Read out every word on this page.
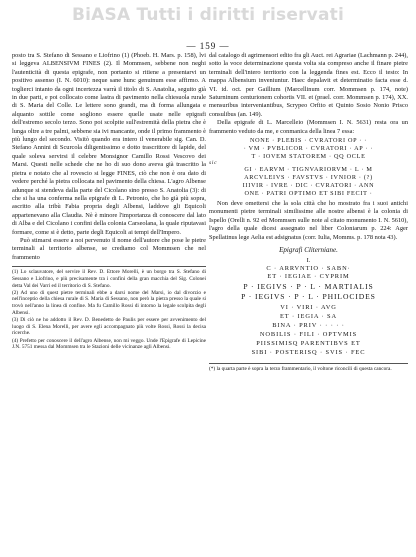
BiASA Tutti i diritti riservati
— 159 —

posto tra S. Stefano di Sessano e Liofrino (1) (Phoeb. H. Mars. p. 158), lvi si leggeva ALBENSIVM FINES (2). Il Mommsen, sebbene non neghi l'autenticità di questa epigrafe, non portanto si ritiene a presentarvi un positivo assenso (I. N. 6010): neque sane hunc genuinum esse affirmo. A toglierci intanto da ogni incertezza varrà il titolo di S. Anatolia, seguito già in due parti, e poi collocato come lastra di pavimento nella chiesuola rurale di S. Maria del Colle. Le lettere sono grandi, ma di forma allungata e alquanto sottile come sogliono essere quelle usate nelle epigrafi dell'estremo secolo terzo. Sono poi scolpite sull'estremità della pietra che è lunga oltre a tre palmi, sebbene sia ivi mancante, onde il primo frammento è più lungo del secondo. Visitò quando era intero il venerabile sig. Can. D. Stefano Annini di Scurcola diligentissimo e dotto trascrittore di lapide, del quale soleva servirsi il celebre Monsignor Camillo Rossi Vescovo dei Marsi. Questi nelle schede che ne ho di suo dono aveva già trascritto la pietra e notato che al rovescio si legge FINES, ciò che non è ora dato di vedere perché la pietra collocata nel pavimento della chiesa. L'agro Albense adunque si stendeva dalla parte del Cicolano sino presso S. Anatolia (3): di che si ha una conferma nella epigrafe di L. Petronio, che ho già più sopra, ascritto alla tribù Fabia propria degli Albensi, laddove gli Equicoli appartenevano alla Claudia. Nè è minore l'importanza di conoscere dal lato di Alba e del Cicolano i confini della colonia Carseolana, la quale riputavasi formare, come si è detto, parte degli Equicoli ai tempi dell'Impero.

Può stimarsi essere a noi pervenuto il nome dell'autore che pose le pietre terminali al territorio albense, se crediamo col Mommsen che nel frammento

(1) Lo sclauvatore, del servire il Rev. D. Ettore Morelli, è un borgo tra S. Stefano di Sessano e Liofrino, e più precisamente tra i confini della gran macchia del Sig. Colonei detta Val dei Varri ed il territorio di S. Stefano.

(2) Ad uno di quest pietre terminali ebbe a darsi nome del Marsi, io dal divorzio e nell'inceptio della chiesa rurale di S. Maria di Sessano, non però la pietra presso la quale si trovò nell'anno la linea di confine. Ma fu Camillo Rossi di intorno la legale scolpita degli Albensi.

(3) Di ciò ne ho addotto il Rev. D. Benedetto de Paulis per essere per avvenimento del luogo di S. Elena Morelli, per avere egli accompagnato più volte Rossi, Rossi la decisa ricerche.

(4) Prefetto per conoscere il dell'agro Albense, non mi veggo. Unde l'Epigrafe di Lepicine J.N. 5751 messa dal Mommsen tra le Stazioni delle vicinanze agli Albensi.

dal catalogo di agrimensori edito fra gli Auct. rei Agrariae (Lachmann p. 244), sotto la voce determinazione questa volta sia compreso anche il finare pietre terminali dell'intero territorio con la leggenda fines est. Ecco il testo: In mappa Albensium inveniuntur. Haec depalavit et determinatio facta esse d. VI. id. oct. per Gaillium (Marcellinum corr. Mommsen p. 174, note) Saturninum centurionem cohortis VII. et (prael. corr. Mommsen p. 174), XX. mensuribus interveniantibus, Scrypeo Orfito et Quinto Sosio Nonio Prisco consulibus (an. 149).

Della epigrafe di L. Marcelleio (Mommsen I. N. 5631) resta ora un frammento veduto da me, e conmanica della linea 7 essa:

NONE · PLEBIS · CVRATORI OP · ·
· VM · PVBLICOR · CVRATORI · AP · ·
T · IOVEM STATOREM · QQ OCLE
sic
GI · EARVM · TIGNVARIORVM · L · M
ARCVLEIVS · FAVSTVS · IVNIOR · (?)
IIIVIR · IVRE · DIC · CVRATORI · ANN
ONE · PATRI OPTIMO ET SIBI FECIT ·

Non deve omettersi che la sola città che ho mostrato fra i suoi antichi monumenti pietre terminali similissime alle nostre albensi è la colonia di Ispello (Orelli n. 92 ed Mommsen sulle note al citato monumento I. N. 5610), l'agro della quale dicesi assegnato nel liber Coloniarum p. 224: Ager Spellatinus lege Aelia est adsignatus (corr. Iulia, Momms. p. 178 nota 43).

Epigrafi Cliterniane.
I.
C · ARRVNTIO · SABN·
ET · IEGIAE · CYPRIM
P · IEGIVS · P · L · MARTIALIS
P · IEGIVS · P · L · PHILOCIDES
VI · VIRI · AVG
ET · IEGIA · SA
BINA · PRIV · · · · ·
NOBILIS · FILI · OPTVMIS
PIISSIMISQ PARENTIBVS ET
SIBI · POSTERISQ · SVIS · FEC

(*) la quarta parte è sopra la terzo frammentario, il voltone riconcili di questa cancora.
